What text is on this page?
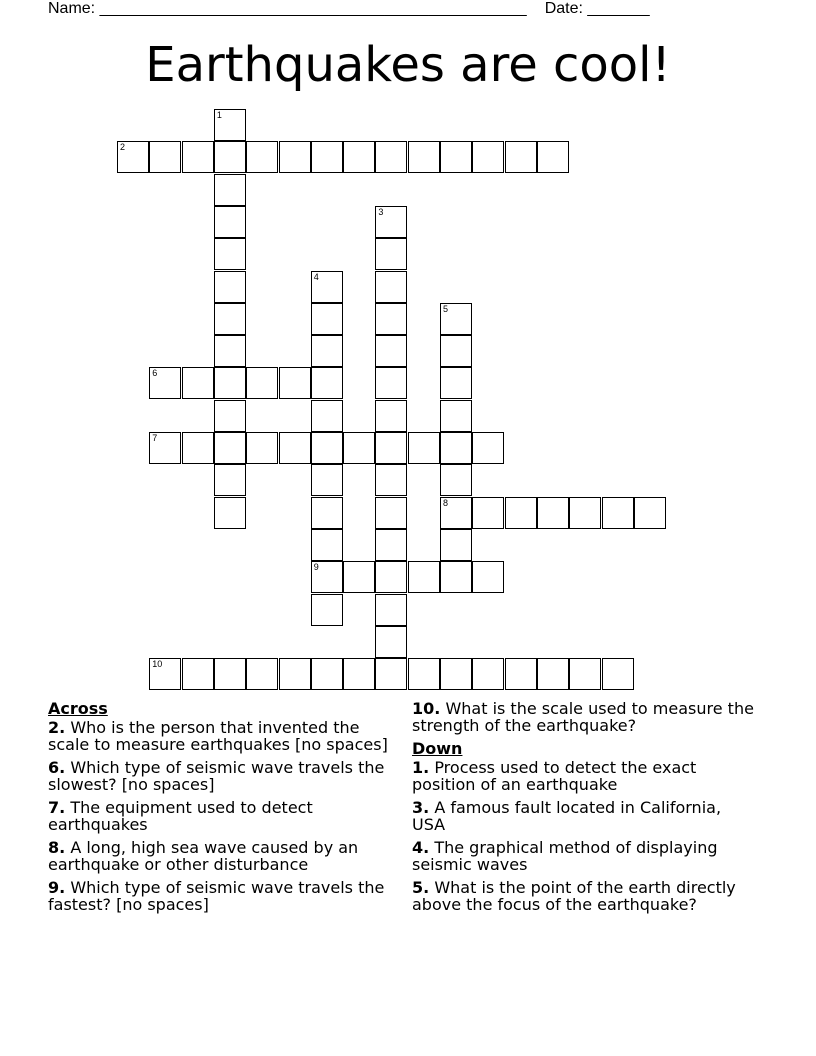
Name: ________________________________________________ Date: _______
Earthquakes are cool!
1
2
3
4
9
5
8
6
7
10
Across
2. Who is the person that invented the scale to measure earthquakes [no spaces]
6. Which type of seismic wave travels the slowest? [no spaces]
7. The equipment used to detect earthquakes
8. A long, high sea wave caused by an earthquake or other disturbance
9. Which type of seismic wave travels the fastest? [no spaces]
10. What is the scale used to measure the strength of the earthquake?
Down
1. Process used to detect the exact position of an earthquake
3. A famous fault located in California, USA
4. The graphical method of displaying seismic waves
5. What is the point of the earth directly above the focus of the earthquake?
